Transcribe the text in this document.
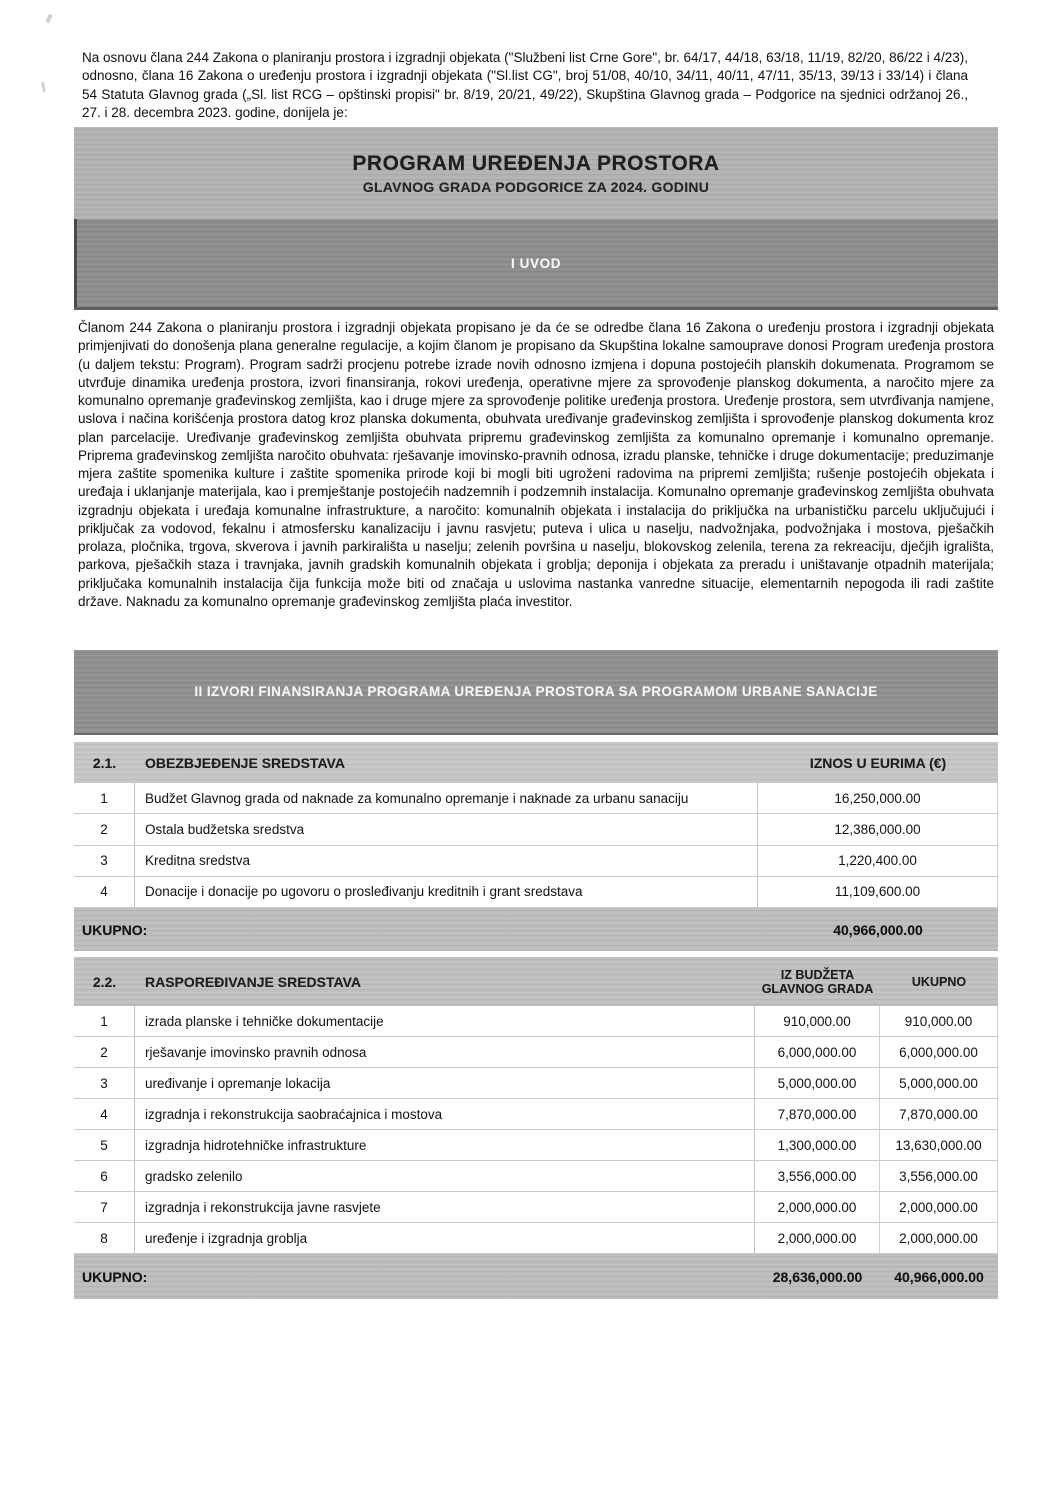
Na osnovu člana 244 Zakona o planiranju prostora i izgradnji objekata ("Službeni list Crne Gore", br. 64/17, 44/18, 63/18, 11/19, 82/20, 86/22 i 4/23), odnosno, člana 16 Zakona o uređenju prostora i izgradnji objekata ("Sl.list CG", broj 51/08, 40/10, 34/11, 40/11, 47/11, 35/13, 39/13 i 33/14) i člana 54 Statuta Glavnog grada („Sl. list RCG – opštinski propisi" br. 8/19, 20/21, 49/22), Skupština Glavnog grada – Podgorice na sjednici održanoj 26., 27. i 28. decembra 2023. godine, donijela je:
PROGRAM UREĐENJA PROSTORA
GLAVNOG GRADA PODGORICE ZA 2024. GODINU
I UVOD
Članom 244 Zakona o planiranju prostora i izgradnji objekata propisano je da će se odredbe člana 16 Zakona o uređenju prostora i izgradnji objekata primjenjivati do donošenja plana generalne regulacije, a kojim članom je propisano da Skupština lokalne samouprave donosi Program uređenja prostora (u daljem tekstu: Program). Program sadrži procjenu potrebe izrade novih odnosno izmjena i dopuna postojećih planskih dokumenata. Programom se utvrđuje dinamika uređenja prostora, izvori finansiranja, rokovi uređenja, operativne mjere za sprovođenje planskog dokumenta, a naročito mjere za komunalno opremanje građevinskog zemljišta, kao i druge mjere za sprovođenje politike uređenja prostora. Uređenje prostora, sem utvrđivanja namjene, uslova i načina korišćenja prostora datog kroz planska dokumenta, obuhvata uređivanje građevinskog zemljišta i sprovođenje planskog dokumenta kroz plan parcelacije. Uređivanje građevinskog zemljišta obuhvata pripremu građevinskog zemljišta za komunalno opremanje i komunalno opremanje. Priprema građevinskog zemljišta naročito obuhvata: rješavanje imovinsko-pravnih odnosa, izradu planske, tehničke i druge dokumentacije; preduzimanje mjera zaštite spomenika kulture i zaštite spomenika prirode koji bi mogli biti ugroženi radovima na pripremi zemljišta; rušenje postojećih objekata i uređaja i uklanjanje materijala, kao i premještanje postojećih nadzemnih i podzemnih instalacija. Komunalno opremanje građevinskog zemljišta obuhvata izgradnju objekata i uređaja komunalne infrastrukture, a naročito: komunalnih objekata i instalacija do priključka na urbanističku parcelu uključujući i priključak za vodovod, fekalnu i atmosfersku kanalizaciju i javnu rasvjetu; puteva i ulica u naselju, nadvožnjaka, podvožnjaka i mostova, pješačkih prolaza, pločnika, trgova, skverova i javnih parkirališta u naselju; zelenih površina u naselju, blokovskog zelenila, terena za rekreaciju, dječjih igrališta, parkova, pješačkih staza i travnjaka, javnih gradskih komunalnih objekata i groblja; deponija i objekata za preradu i uništavanje otpadnih materijala; priključaka komunalnih instalacija čija funkcija može biti od značaja u uslovima nastanka vanredne situacije, elementarnih nepogoda ili radi zaštite države. Naknadu za komunalno opremanje građevinskog zemljišta plaća investitor.
II IZVORI FINANSIRANJA PROGRAMA UREĐENJA PROSTORA SA PROGRAMOM URBANE SANACIJE
2.1.	OBEZBJEĐENJE SREDSTAVA	IZNOS U EURIMA (€)
1	Budžet Glavnog grada od naknade za komunalno opremanje i naknade za urbanu sanaciju	16,250,000.00
2	Ostala budžetska sredstva	12,386,000.00
3	Kreditna sredstva	1,220,400.00
4	Donacije i donacije po ugovoru o prosleđivanju kreditnih i grant sredstava	11,109,600.00
UKUPNO:	40,966,000.00
2.2.	RASPOREĐIVANJE SREDSTAVA	IZ BUDŽETA GLAVNOG GRADA	UKUPNO
1	izrada planske i tehničke dokumentacije	910,000.00	910,000.00
2	rješavanje imovinsko pravnih odnosa	6,000,000.00	6,000,000.00
3	uređivanje i opremanje lokacija	5,000,000.00	5,000,000.00
4	izgradnja i rekonstrukcija saobraćajnica i mostova	7,870,000.00	7,870,000.00
5	izgradnja hidrotehničke infrastrukture	1,300,000.00	13,630,000.00
6	gradsko zelenilo	3,556,000.00	3,556,000.00
7	izgradnja i rekonstrukcija javne rasvjete	2,000,000.00	2,000,000.00
8	uređenje i izgradnja groblja	2,000,000.00	2,000,000.00
UKUPNO:	28,636,000.00	40,966,000.00
